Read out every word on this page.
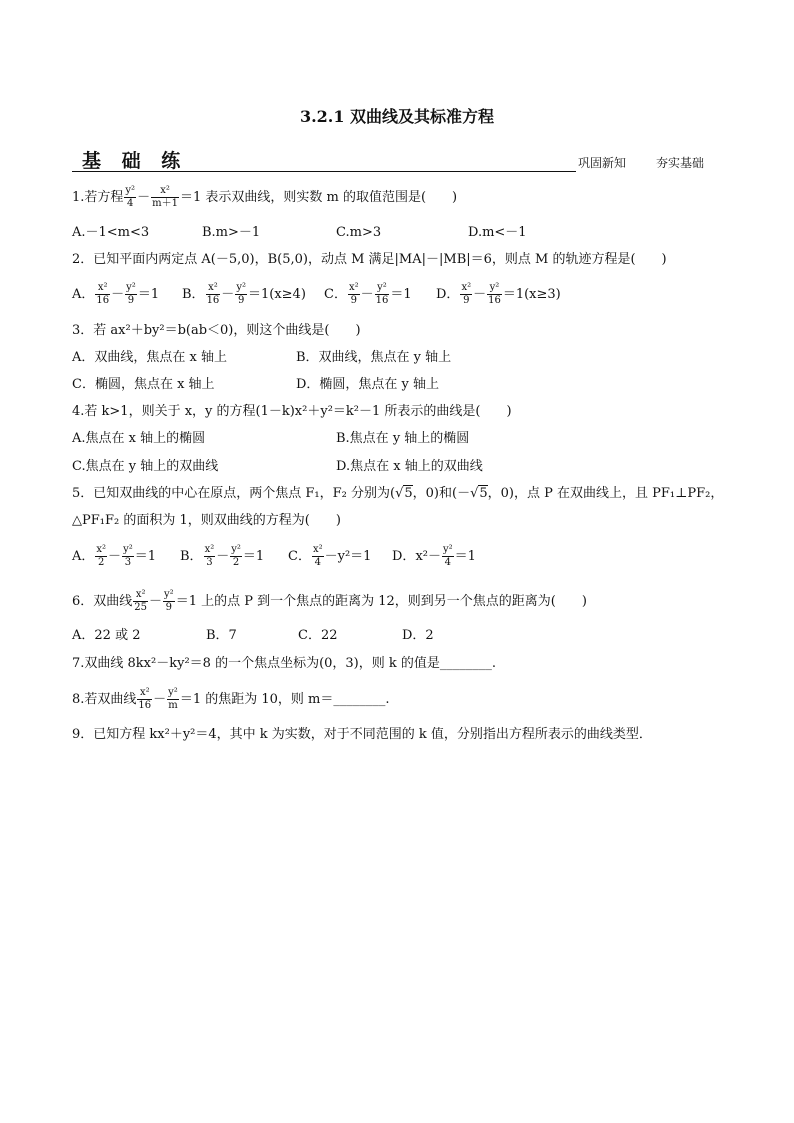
3.2.1 双曲线及其标准方程
基 础 练	巩固新知 夯实基础
1.若方程 $\frac{\text{y²}}{4} - \frac{\text{x²}}{m+1} =1$ 表示双曲线，则实数 m 的取值范围是(　　)
A.－1<m<3	B.m>－1	C.m>3	D.m<－1
2．已知平面内两定点 A(－5,0)，B(5,0)，动点 M 满足|MA|－|MB|＝6，则点 M 的轨迹方程是(　　)
A． $\frac{\text{x²}}{16} - \frac{\text{y²}}{9} =1$ B． $\frac{\text{x²}}{16} - \frac{\text{y²}}{9} =1(x\ge 4)$ C． $\frac{\text{x²}}{9} - \frac{\text{y²}}{16} =1$ D． $\frac{\text{x²}}{9} - \frac{\text{y²}}{16} =1(x\ge 3)$
3．若 ax²＋by²＝b(ab＜0)，则这个曲线是(　　)
A．双曲线，焦点在 x 轴上	B．双曲线，焦点在 y 轴上
C．椭圆，焦点在 x 轴上	D．椭圆，焦点在 y 轴上
4.若 k>1，则关于 x，y 的方程(1－k)x²＋y²＝k²－1 所表示的曲线是(　　)
A.焦点在 x 轴上的椭圆	B.焦点在 y 轴上的椭圆
C.焦点在 y 轴上的双曲线	D.焦点在 x 轴上的双曲线
5．已知双曲线的中心在原点，两个焦点 F₁，F₂ 分别为(√5，0)和(－√5，0)，点 P 在双曲线上，且 PF₁⊥PF₂，
△PF₁F₂ 的面积为 1，则双曲线的方程为(　　)
A． $\frac{\text{x²}}{2} - \frac{\text{y²}}{3} =1$ B． $\frac{\text{x²}}{3} - \frac{\text{y²}}{2} =1$ C． $\frac{\text{x²}}{4} -y^2=1$ D．$x^2- \frac{\text{y²}}{4} =1$
6．双曲线 $\frac{\text{x²}}{25} - \frac{\text{y²}}{9} =1$ 上的点 P 到一个焦点的距离为 12，则到另一个焦点的距离为(　　)
A．22 或 2	B．7	C．22	D．2
7.双曲线 8kx²－ky²＝8 的一个焦点坐标为(0，3)，则 k 的值是________.
8.若双曲线 $\frac{\text{x²}}{16} - \frac{\text{y²}}{m} =1$ 的焦距为 10，则 m＝________.
9．已知方程 kx²＋y²＝4，其中 k 为实数，对于不同范围的 k 值，分别指出方程所表示的曲线类型．
